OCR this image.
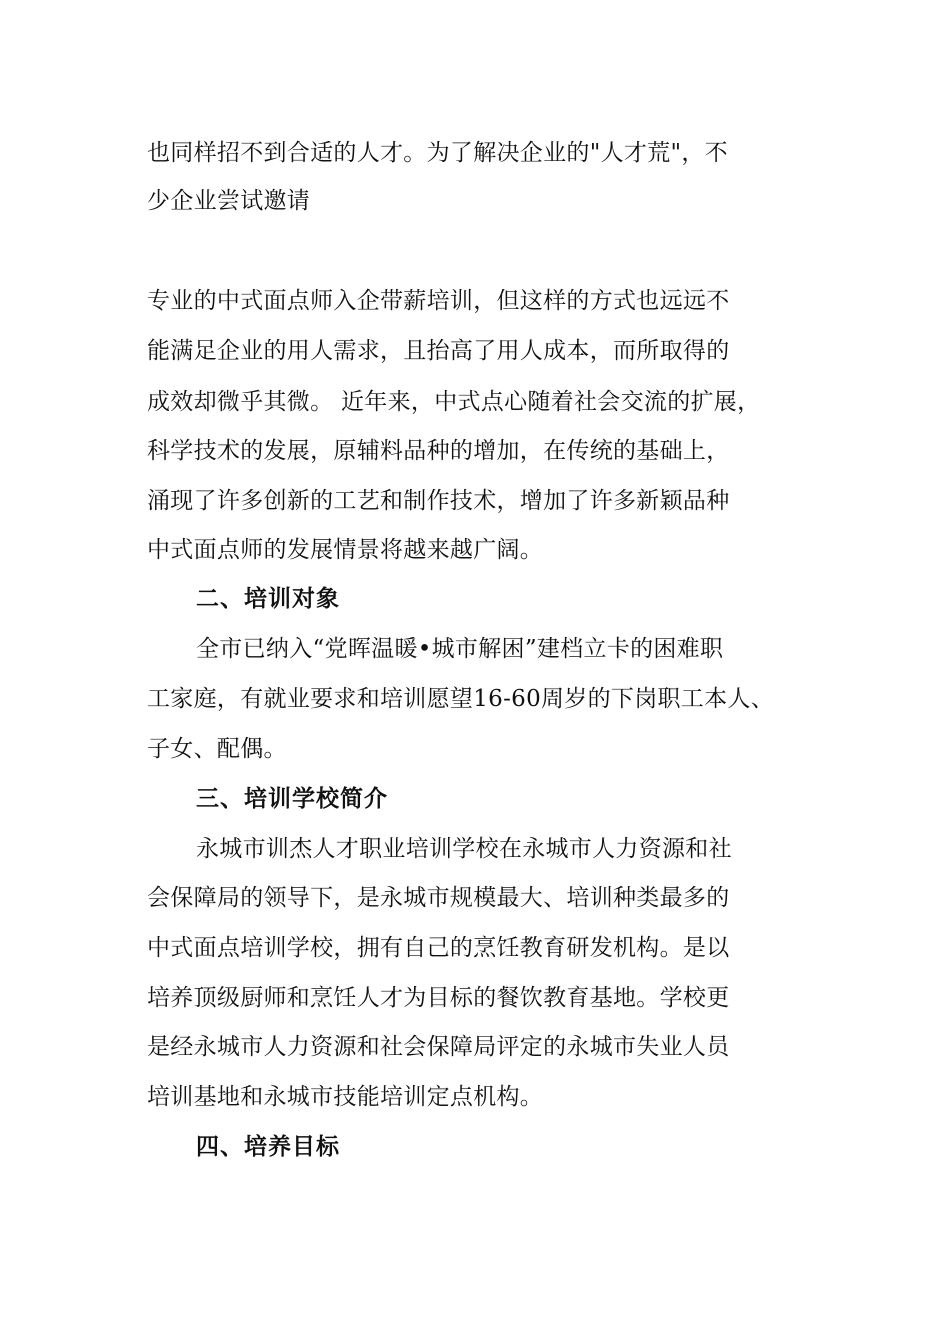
也同样招不到合适的人才。为了解决企业的"人才荒"，不
少企业尝试邀请
专业的中式面点师入企带薪培训，但这样的方式也远远不
能满足企业的用人需求，且抬高了用人成本，而所取得的
成效却微乎其微。 近年来，中式点心随着社会交流的扩展，
科学技术的发展，原辅料品种的增加，在传统的基础上，
涌现了许多创新的工艺和制作技术，增加了许多新颖品种
中式面点师的发展情景将越来越广阔。
二、培训对象
全市已纳入“党晖温暖•城市解困”建档立卡的困难职
工家庭，有就业要求和培训愿望16-60周岁的下岗职工本人、
子女、配偶。
三、培训学校简介
永城市训杰人才职业培训学校在永城市人力资源和社
会保障局的领导下，是永城市规模最大、培训种类最多的
中式面点培训学校，拥有自己的烹饪教育研发机构。是以
培养顶级厨师和烹饪人才为目标的餐饮教育基地。学校更
是经永城市人力资源和社会保障局评定的永城市失业人员
培训基地和永城市技能培训定点机构。
四、培养目标
